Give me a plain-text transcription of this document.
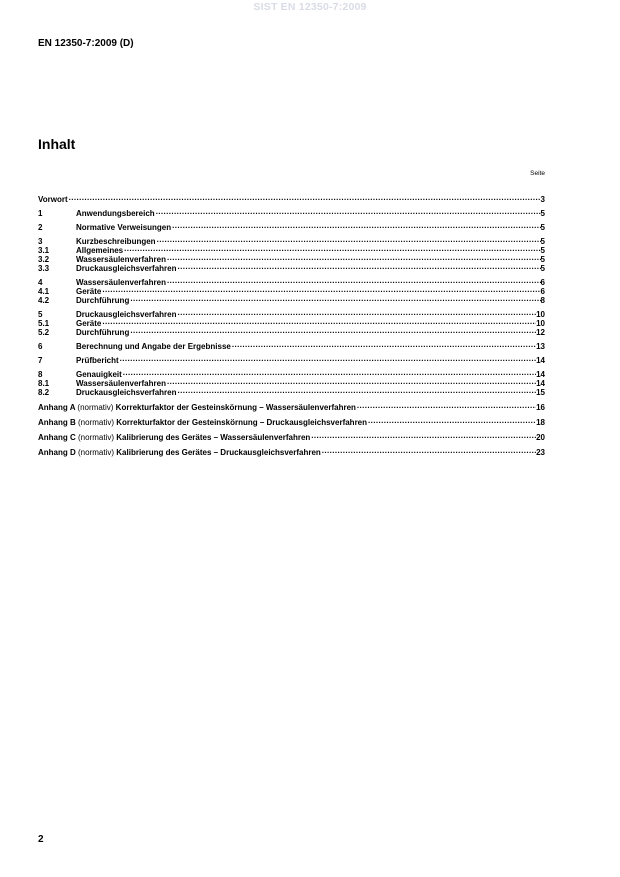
SIST EN 12350-7:2009
EN 12350-7:2009 (D)
Inhalt
Seite
Vorwort .....	3
1	Anwendungsbereich .....	5
2	Normative Verweisungen .....	5
3	Kurzbeschreibungen .....	5
3.1	Allgemeines .....	5
3.2	Wassersäulenverfahren .....	5
3.3	Druckausgleichsverfahren .....	5
4	Wassersäulenverfahren .....	6
4.1	Geräte .....	6
4.2	Durchführung .....	8
5	Druckausgleichsverfahren .....	10
5.1	Geräte .....	10
5.2	Durchführung .....	12
6	Berechnung und Angabe der Ergebnisse .....	13
7	Prüfbericht .....	14
8	Genauigkeit .....	14
8.1	Wassersäulenverfahren .....	14
8.2	Druckausgleichsverfahren .....	15
Anhang A (normativ) Korrekturfaktor der Gesteinskörnung – Wassersäulenverfahren .....	16
Anhang B (normativ) Korrekturfaktor der Gesteinskörnung – Druckausgleichsverfahren .....	18
Anhang C (normativ) Kalibrierung des Gerätes – Wassersäulenverfahren .....	20
Anhang D (normativ) Kalibrierung des Gerätes – Druckausgleichsverfahren .....	23
2
